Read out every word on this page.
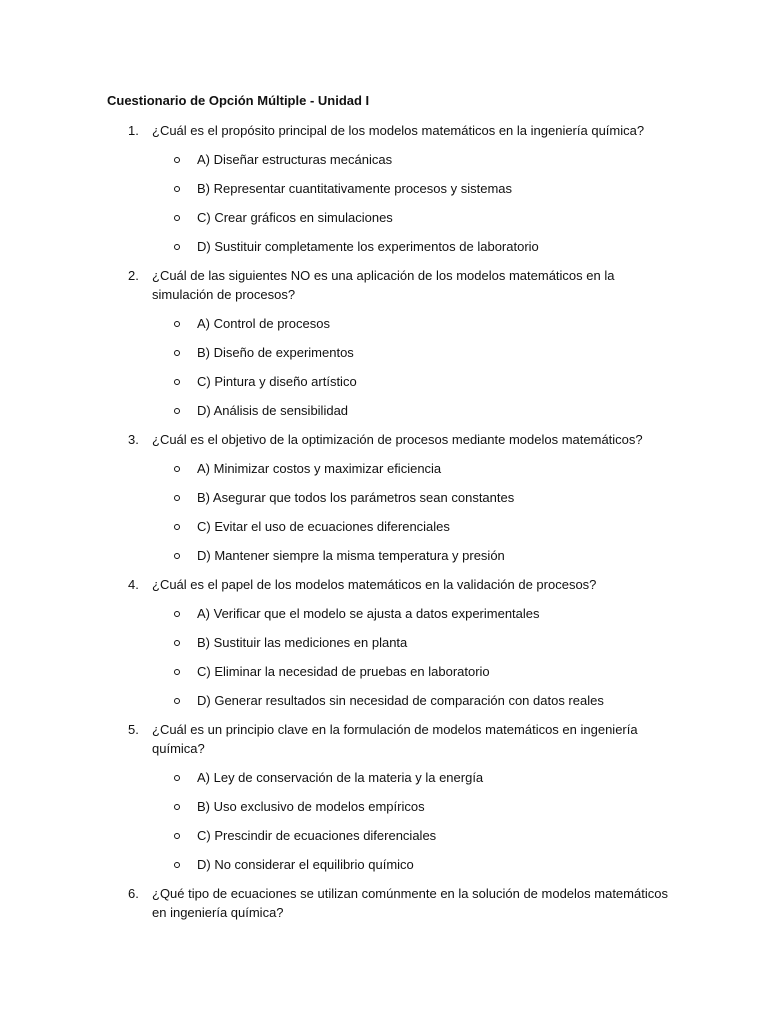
Cuestionario de Opción Múltiple - Unidad I
1. ¿Cuál es el propósito principal de los modelos matemáticos en la ingeniería química?

A) Diseñar estructuras mecánicas
B) Representar cuantitativamente procesos y sistemas
C) Crear gráficos en simulaciones
D) Sustituir completamente los experimentos de laboratorio
2. ¿Cuál de las siguientes NO es una aplicación de los modelos matemáticos en la simulación de procesos?

A) Control de procesos
B) Diseño de experimentos
C) Pintura y diseño artístico
D) Análisis de sensibilidad
3. ¿Cuál es el objetivo de la optimización de procesos mediante modelos matemáticos?

A) Minimizar costos y maximizar eficiencia
B) Asegurar que todos los parámetros sean constantes
C) Evitar el uso de ecuaciones diferenciales
D) Mantener siempre la misma temperatura y presión
4. ¿Cuál es el papel de los modelos matemáticos en la validación de procesos?

A) Verificar que el modelo se ajusta a datos experimentales
B) Sustituir las mediciones en planta
C) Eliminar la necesidad de pruebas en laboratorio
D) Generar resultados sin necesidad de comparación con datos reales
5. ¿Cuál es un principio clave en la formulación de modelos matemáticos en ingeniería química?

A) Ley de conservación de la materia y la energía
B) Uso exclusivo de modelos empíricos
C) Prescindir de ecuaciones diferenciales
D) No considerar el equilibrio químico
6. ¿Qué tipo de ecuaciones se utilizan comúnmente en la solución de modelos matemáticos en ingeniería química?
